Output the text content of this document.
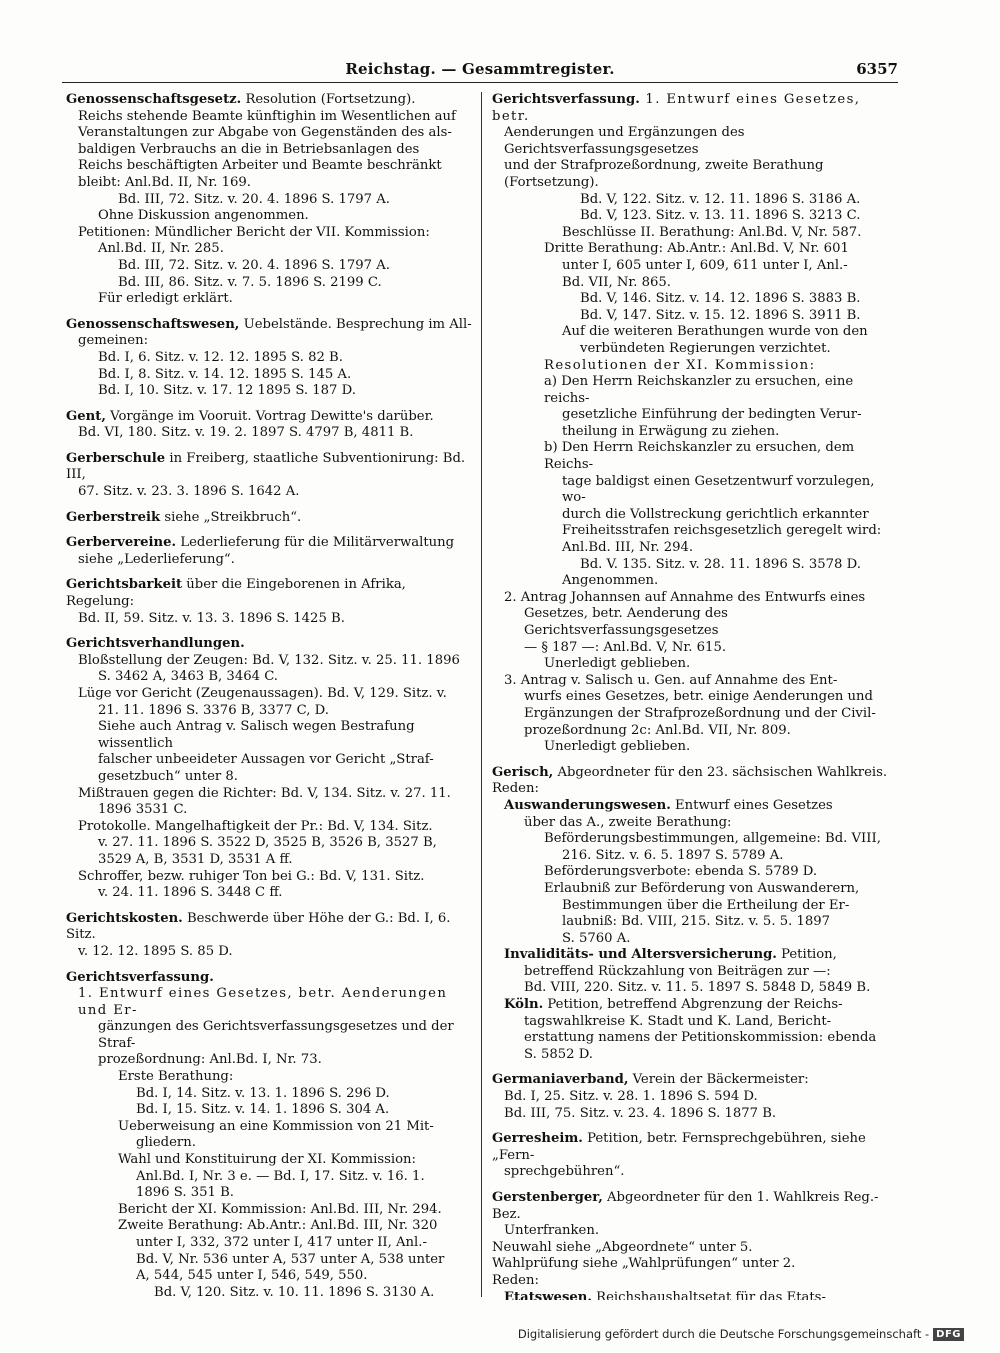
Reichstag. — Gesammtregister.	6357

Genossenschaftsgesetz. Resolution (Fortsetzung).

Reichs stehende Beamte künftighin im Wesentlichen auf

Veranstaltungen zur Abgabe von Gegenständen des als-

baldigen Verbrauchs an die in Betriebsanlagen des

Reichs beschäftigten Arbeiter und Beamte beschränkt

bleibt: Anl.Bd. II, Nr. 169.

Bd. III, 72. Sitz. v. 20. 4. 1896 S. 1797 A.

Ohne Diskussion angenommen.

Petitionen: Mündlicher Bericht der VII. Kommission:

Anl.Bd. II, Nr. 285.

Bd. III, 72. Sitz. v. 20. 4. 1896 S. 1797 A.

Bd. III, 86. Sitz. v. 7. 5. 1896 S. 2199 C.

Für erledigt erklärt.

Genossenschaftswesen, Uebelstände. Besprechung im All-

gemeinen:

Bd. I, 6. Sitz. v. 12. 12. 1895 S. 82 B.

Bd. I, 8. Sitz. v. 14. 12. 1895 S. 145 A.

Bd. I, 10. Sitz. v. 17. 12 1895 S. 187 D.

Gent, Vorgänge im Vooruit. Vortrag Dewitte's darüber.

Bd. VI, 180. Sitz. v. 19. 2. 1897 S. 4797 B, 4811 B.

Gerberschule in Freiberg, staatliche Subventionirung: Bd. III,

67. Sitz. v. 23. 3. 1896 S. 1642 A.

Gerberstreik siehe „Streikbruch“.

Gerbervereine. Lederlieferung für die Militärverwaltung

siehe „Lederlieferung“.

Gerichtsbarkeit über die Eingeborenen in Afrika, Regelung:

Bd. II, 59. Sitz. v. 13. 3. 1896 S. 1425 B.

Gerichtsverhandlungen.

Bloßstellung der Zeugen: Bd. V, 132. Sitz. v. 25. 11. 1896

S. 3462 A, 3463 B, 3464 C.

Lüge vor Gericht (Zeugenaussagen). Bd. V, 129. Sitz. v.

21. 11. 1896 S. 3376 B, 3377 C, D.

Siehe auch Antrag v. Salisch wegen Bestrafung wissentlich

falscher unbeeideter Aussagen vor Gericht „Straf-

gesetzbuch“ unter 8.

Mißtrauen gegen die Richter: Bd. V, 134. Sitz. v. 27. 11.

1896 3531 C.

Protokolle. Mangelhaftigkeit der Pr.: Bd. V, 134. Sitz.

v. 27. 11. 1896 S. 3522 D, 3525 B, 3526 B, 3527 B,

3529 A, B, 3531 D, 3531 A ff.

Schroffer, bezw. ruhiger Ton bei G.: Bd. V, 131. Sitz.

v. 24. 11. 1896 S. 3448 C ff.

Gerichtskosten. Beschwerde über Höhe der G.: Bd. I, 6. Sitz.

v. 12. 12. 1895 S. 85 D.

Gerichtsverfassung.

1. Entwurf eines Gesetzes, betr. Aenderungen und Er-

gänzungen des Gerichtsverfassungsgesetzes und der Straf-

prozeßordnung: Anl.Bd. I, Nr. 73.

Erste Berathung:

Bd. I, 14. Sitz. v. 13. 1. 1896 S. 296 D.

Bd. I, 15. Sitz. v. 14. 1. 1896 S. 304 A.

Ueberweisung an eine Kommission von 21 Mit-

gliedern.

Wahl und Konstituirung der XI. Kommission:

Anl.Bd. I, Nr. 3 e. — Bd. I, 17. Sitz. v. 16. 1.

1896 S. 351 B.

Bericht der XI. Kommission: Anl.Bd. III, Nr. 294.

Zweite Berathung: Ab.Antr.: Anl.Bd. III, Nr. 320

unter I, 332, 372 unter I, 417 unter II, Anl.-

Bd. V, Nr. 536 unter A, 537 unter A, 538 unter

A, 544, 545 unter I, 546, 549, 550.

Bd. V, 120. Sitz. v. 10. 11. 1896 S. 3130 A.

Gerichtsverfassung. 1. Entwurf eines Gesetzes, betr.

Aenderungen und Ergänzungen des Gerichtsverfassungsgesetzes

und der Strafprozeßordnung, zweite Berathung (Fortsetzung).

Bd. V, 122. Sitz. v. 12. 11. 1896 S. 3186 A.

Bd. V, 123. Sitz. v. 13. 11. 1896 S. 3213 C.

Beschlüsse II. Berathung: Anl.Bd. V, Nr. 587.

Dritte Berathung: Ab.Antr.: Anl.Bd. V, Nr. 601

unter I, 605 unter I, 609, 611 unter I, Anl.-

Bd. VII, Nr. 865.

Bd. V, 146. Sitz. v. 14. 12. 1896 S. 3883 B.

Bd. V, 147. Sitz. v. 15. 12. 1896 S. 3911 B.

Auf die weiteren Berathungen wurde von den

verbündeten Regierungen verzichtet.

Resolutionen der XI. Kommission:

a) Den Herrn Reichskanzler zu ersuchen, eine reichs-

gesetzliche Einführung der bedingten Verur-

theilung in Erwägung zu ziehen.

b) Den Herrn Reichskanzler zu ersuchen, dem Reichs-

tage baldigst einen Gesetzentwurf vorzulegen, wo-

durch die Vollstreckung gerichtlich erkannter

Freiheitsstrafen reichsgesetzlich geregelt wird:

Anl.Bd. III, Nr. 294.

Bd. V. 135. Sitz. v. 28. 11. 1896 S. 3578 D.

Angenommen.

2. Antrag Johannsen auf Annahme des Entwurfs eines

Gesetzes, betr. Aenderung des Gerichtsverfassungsgesetzes

— § 187 —: Anl.Bd. V, Nr. 615.

Unerledigt geblieben.

3. Antrag v. Salisch u. Gen. auf Annahme des Ent-

wurfs eines Gesetzes, betr. einige Aenderungen und

Ergänzungen der Strafprozeßordnung und der Civil-

prozeßordnung 2c: Anl.Bd. VII, Nr. 809.

Unerledigt geblieben.

Gerisch, Abgeordneter für den 23. sächsischen Wahlkreis. Reden:

Auswanderungswesen. Entwurf eines Gesetzes

über das A., zweite Berathung:

Beförderungsbestimmungen, allgemeine: Bd. VIII,

216. Sitz. v. 6. 5. 1897 S. 5789 A.

Beförderungsverbote: ebenda S. 5789 D.

Erlaubniß zur Beförderung von Auswanderern,

Bestimmungen über die Ertheilung der Er-

laubniß: Bd. VIII, 215. Sitz. v. 5. 5. 1897

S. 5760 A.

Invaliditäts- und Altersversicherung. Petition,

betreffend Rückzahlung von Beiträgen zur —:

Bd. VIII, 220. Sitz. v. 11. 5. 1897 S. 5848 D, 5849 B.

Köln. Petition, betreffend Abgrenzung der Reichs-

tagswahlkreise K. Stadt und K. Land, Bericht-

erstattung namens der Petitionskommission: ebenda

S. 5852 D.

Germaniaverband, Verein der Bäckermeister:

Bd. I, 25. Sitz. v. 28. 1. 1896 S. 594 D.

Bd. III, 75. Sitz. v. 23. 4. 1896 S. 1877 B.

Gerresheim. Petition, betr. Fernsprechgebühren, siehe „Fern-

sprechgebühren“.

Gerstenberger, Abgeordneter für den 1. Wahlkreis Reg.-Bez.

Unterfranken.

Neuwahl siehe „Abgeordnete“ unter 5.

Wahlprüfung siehe „Wahlprüfungen“ unter 2.

Reden:

Etatswesen. Reichshaushaltsetat für das Etats-

Digitalisierung gefördert durch die Deutsche Forschungsgemeinschaft - DFG
